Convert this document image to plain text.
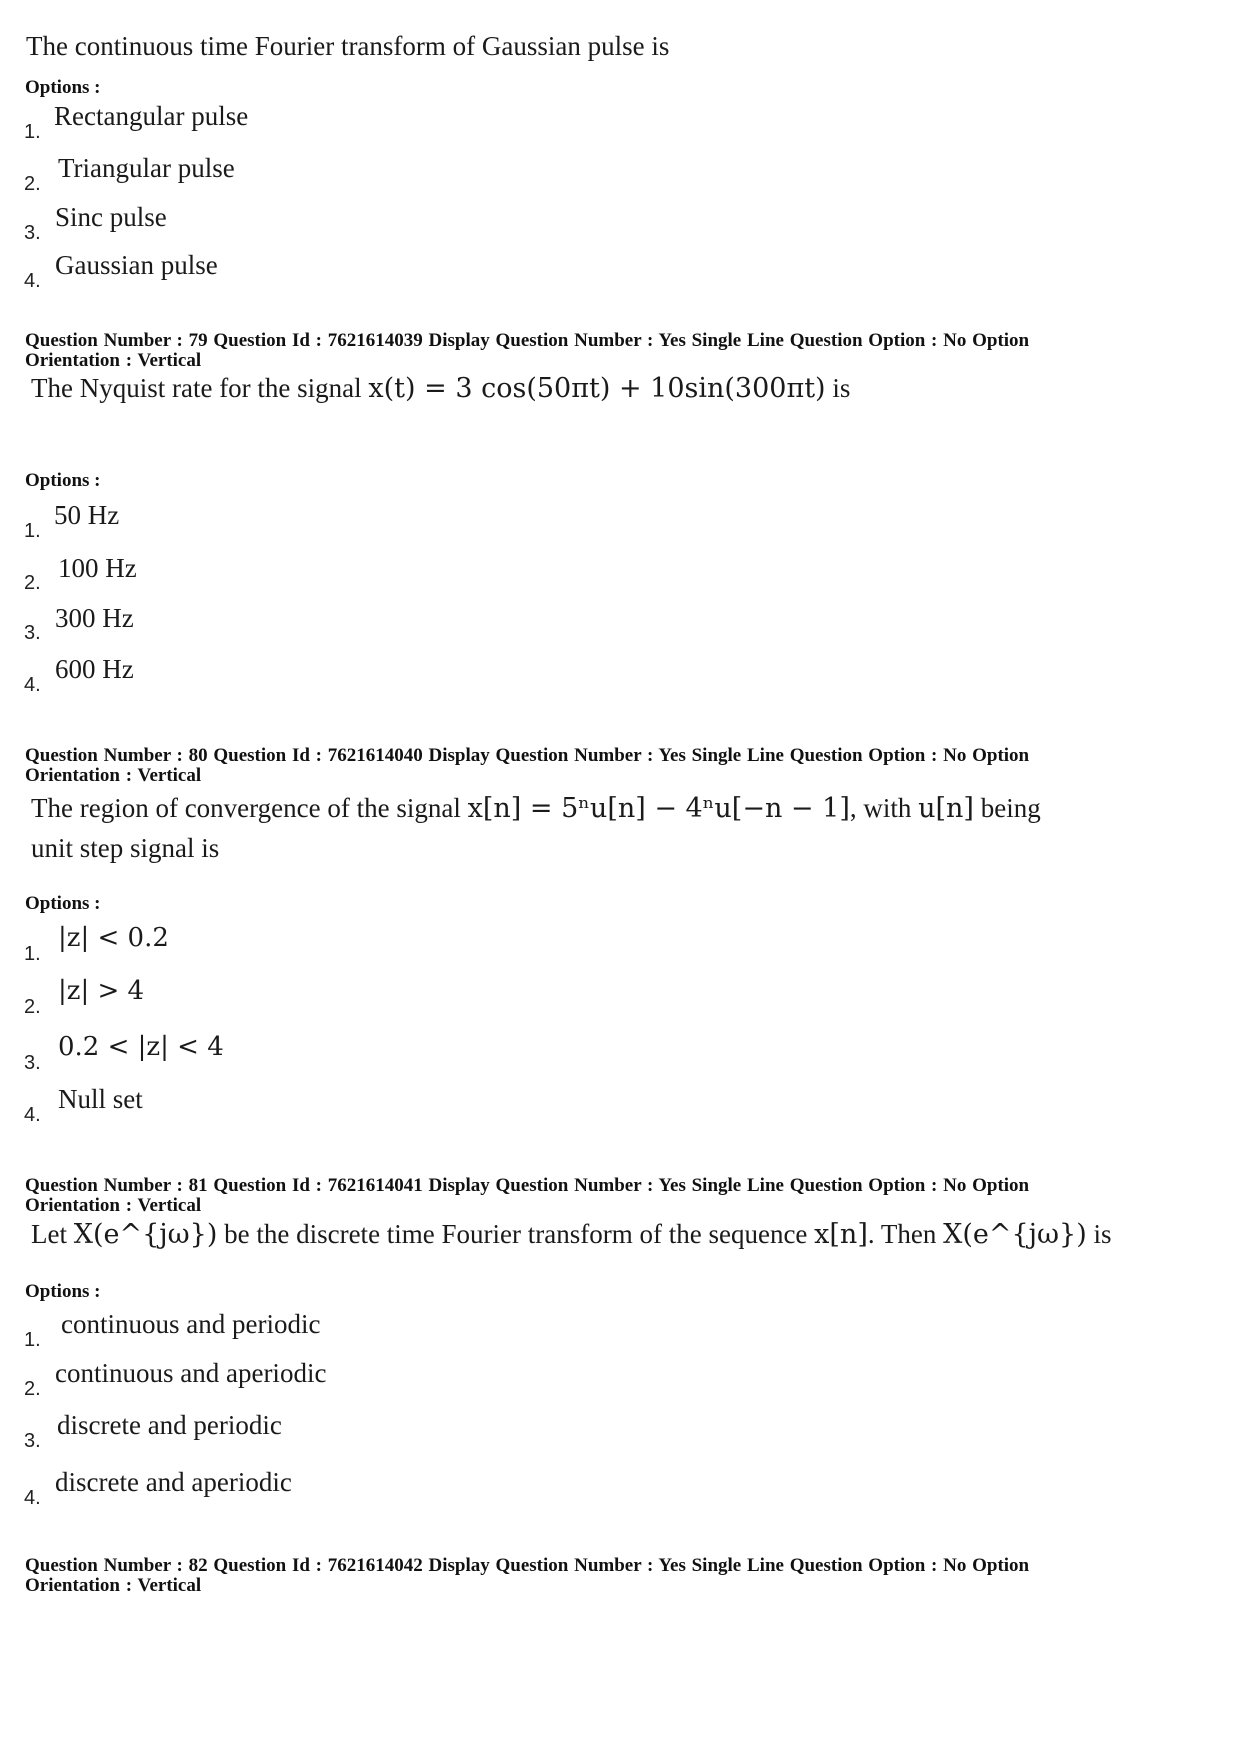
The continuous time Fourier transform of Gaussian pulse is
Options :
1.
Rectangular pulse
2.
Triangular pulse
3.
Sinc pulse
4.
Gaussian pulse
Question Number : 79 Question Id : 7621614039 Display Question Number : Yes Single Line Question Option : No Option
Orientation : Vertical
The Nyquist rate for the signal x(t) = 3 cos(50πt) + 10sin(300πt) is
Options :
1.
50 Hz
2. 100 Hz
3. 300 Hz
4.
600 Hz
Question Number : 80 Question Id : 7621614040 Display Question Number : Yes Single Line Question Option : No Option
Orientation : Vertical
The region of convergence of the signal x[n] = 5ⁿu[n] − 4ⁿu[−n − 1], with u[n] being
unit step signal is
Options :
1.
|z| < 0.2
2.
|z| > 4
3.
0.2 < |z| < 4
4.
Null set
Question Number : 81 Question Id : 7621614041 Display Question Number : Yes Single Line Question Option : No Option
Orientation : Vertical
Let X(e^{jω}) be the discrete time Fourier transform of the sequence x[n]. Then X(e^{jω}) is
Options :
1.
continuous and periodic
2.
continuous and aperiodic
3.
discrete and periodic
4.
discrete and aperiodic
Question Number : 82 Question Id : 7621614042 Display Question Number : Yes Single Line Question Option : No Option
Orientation : Vertical
